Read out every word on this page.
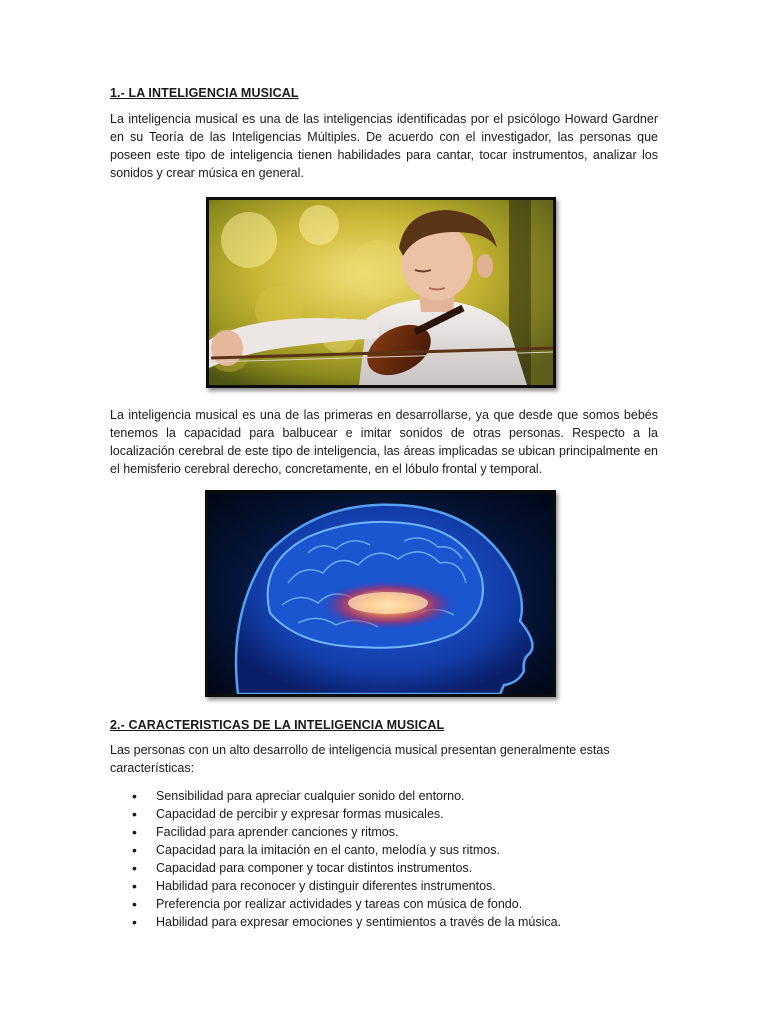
1.- LA INTELIGENCIA MUSICAL

La inteligencia musical es una de las inteligencias identificadas por el psicólogo Howard Gardner en su Teoría de las Inteligencias Múltiples. De acuerdo con el investigador, las personas que poseen este tipo de inteligencia tienen habilidades para cantar, tocar instrumentos, analizar los sonidos y crear música en general.

La inteligencia musical es una de las primeras en desarrollarse, ya que desde que somos bebés tenemos la capacidad para balbucear e imitar sonidos de otras personas. Respecto a la localización cerebral de este tipo de inteligencia, las áreas implicadas se ubican principalmente en el hemisferio cerebral derecho, concretamente, en el lóbulo frontal y temporal.

2.- CARACTERISTICAS DE LA INTELIGENCIA MUSICAL

Las personas con un alto desarrollo de inteligencia musical presentan generalmente estas características:

• Sensibilidad para apreciar cualquier sonido del entorno.
• Capacidad de percibir y expresar formas musicales.
• Facilidad para aprender canciones y ritmos.
• Capacidad para la imitación en el canto, melodía y sus ritmos.
• Capacidad para componer y tocar distintos instrumentos.
• Habilidad para reconocer y distinguir diferentes instrumentos.
• Preferencia por realizar actividades y tareas con música de fondo.
• Habilidad para expresar emociones y sentimientos a través de la música.
